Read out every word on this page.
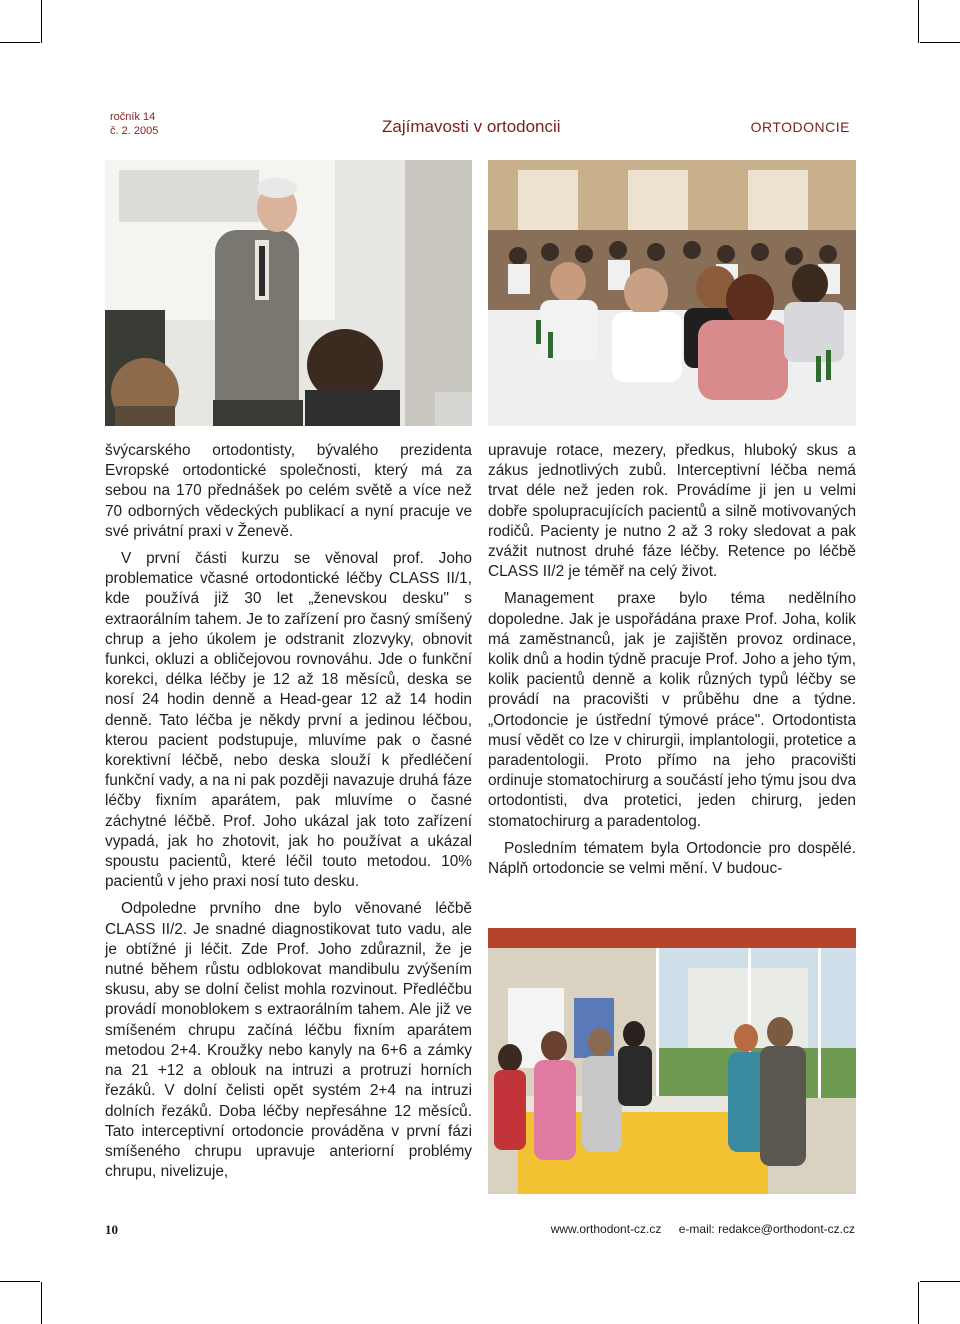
ročník 14
č. 2. 2005	Zajímavosti v ortodoncii	ORTODONCIE

švýcarského ortodontisty, bývalého prezidenta Evropské ortodontické společnosti, který má za sebou na 170 přednášek po celém světě a více než 70 odborných vědeckých publikací a nyní pracuje ve své privátní praxi v Ženevě.

V první části kurzu se věnoval prof. Joho problematice včasné ortodontické léčby CLASS II/1, kde používá již 30 let „ženevskou desku" s extraorálním tahem. Je to zařízení pro časný smíšený chrup a jeho úkolem je odstranit zlozvyky, obnovit funkci, okluzi a obličejovou rovnováhu. Jde o funkční korekci, délka léčby je 12 až 18 měsíců, deska se nosí 24 hodin denně a Head-gear 12 až 14 hodin denně. Tato léčba je někdy první a jedinou léčbou, kterou pacient podstupuje, mluvíme pak o časné korektivní léčbě, nebo deska slouží k předléčení funkční vady, a na ni pak později navazuje druhá fáze léčby fixním aparátem, pak mluvíme o časné záchytné léčbě. Prof. Joho ukázal jak toto zařízení vypadá, jak ho zhotovit, jak ho používat a ukázal spoustu pacientů, které léčil touto metodou. 10% pacientů v jeho praxi nosí tuto desku.

Odpoledne prvního dne bylo věnované léčbě CLASS II/2. Je snadné diagnostikovat tuto vadu, ale je obtížné ji léčit. Zde Prof. Joho zdůraznil, že je nutné během růstu odblokovat mandibulu zvýšením skusu, aby se dolní čelist mohla rozvinout. Předléčbu provádí monoblokem s extraorálním tahem. Ale již ve smíšeném chrupu začíná léčbu fixním aparátem metodou 2+4. Kroužky nebo kanyly na 6+6 a zámky na 21 +12 a oblouk na intruzi a protruzi horních řezáků. V dolní čelisti opět systém 2+4 na intruzi dolních řezáků. Doba léčby nepřesáhne 12 měsíců. Tato interceptivní ortodoncie prováděna v první fázi smíšeného chrupu upravuje anteriorní problémy chrupu, nivelizuje,

upravuje rotace, mezery, předkus, hluboký skus a zákus jednotlivých zubů. Interceptivní léčba nemá trvat déle než jeden rok. Provádíme ji jen u velmi dobře spolupracujících pacientů a silně motivovaných rodičů. Pacienty je nutno 2 až 3 roky sledovat a pak zvážit nutnost druhé fáze léčby. Retence po léčbě CLASS II/2 je téměř na celý život.

Management praxe bylo téma nedělního dopoledne. Jak je uspořádána praxe Prof. Joha, kolik má zaměstnanců, jak je zajištěn provoz ordinace, kolik dnů a hodin týdně pracuje Prof. Joho a jeho tým, kolik pacientů denně a kolik různých typů léčby se provádí na pracovišti v průběhu dne a týdne. „Ortodoncie je ústřední týmové práce". Ortodontista musí vědět co lze v chirurgii, implantologii, protetice a paradentologii. Proto přímo na jeho pracovišti ordinuje stomatochirurg a součástí jeho týmu jsou dva ortodontisti, dva protetici, jeden chirurg, jeden stomatochirurg a paradentolog.

Posledním tématem byla Ortodoncie pro dospělé. Náplň ortodoncie se velmi mění. V budouc-

10	www.orthodont-cz.cz e-mail: redakce@orthodont-cz.cz
